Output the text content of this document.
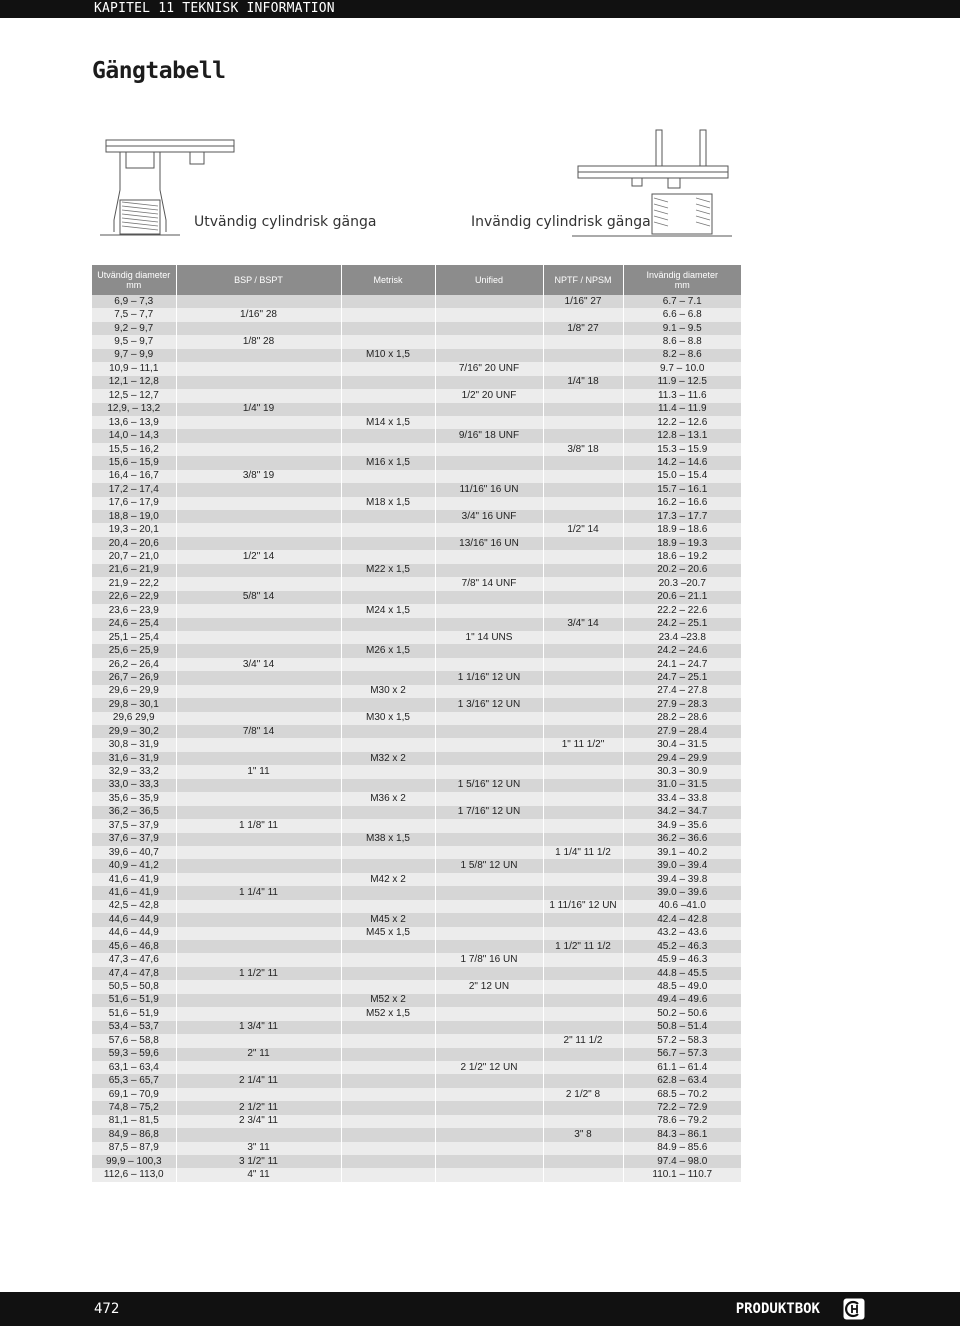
KAPITEL 11 TEKNISK INFORMATION
Gängtabell
Utvändig cylindrisk gänga	Invändig cylindrisk gänga
Utvändig diameter
mm	BSP / BSPT	Metrisk	Unified	NPTF / NPSM	Invändig diameter
mm
6,9 – 7,3				1/16" 27	6.7 – 7.1
7,5 – 7,7	1/16" 28				6.6 – 6.8
9,2 – 9,7				1/8" 27	9.1 – 9.5
9,5 – 9,7	1/8" 28				8.6 – 8.8
9,7 – 9,9		M10 x 1,5			8.2 – 8.6
10,9 – 11,1			7/16" 20 UNF		9.7 – 10.0
12,1 – 12,8				1/4" 18	11.9 – 12.5
12,5 – 12,7			1/2" 20 UNF		11.3 – 11.6
12,9, – 13,2	1/4" 19				11.4 – 11.9
13,6 – 13,9		M14 x 1,5			12.2 – 12.6
14,0 – 14,3			9/16" 18 UNF		12.8 – 13.1
15,5 – 16,2				3/8" 18	15.3 – 15.9
15,6 – 15,9		M16 x 1,5			14.2 – 14.6
16,4 – 16,7	3/8" 19				15.0 – 15.4
17,2 – 17,4			11/16" 16 UN		15.7 – 16.1
17,6 – 17,9		M18 x 1,5			16.2 – 16.6
18,8 – 19,0			3/4" 16 UNF		17.3 – 17.7
19,3 – 20,1				1/2" 14	18.9 – 18.6
20,4 – 20,6			13/16" 16 UN		18.9 – 19.3
20,7 – 21,0	1/2" 14				18.6 – 19.2
21,6 – 21,9		M22 x 1,5			20.2 – 20.6
21,9 – 22,2			7/8" 14 UNF		20.3 –20.7
22,6 – 22,9	5/8" 14				20.6 – 21.1
23,6 – 23,9		M24 x 1,5			22.2 – 22.6
24,6 – 25,4				3/4" 14	24.2 – 25.1
25,1 – 25,4			1" 14 UNS		23.4 –23.8
25,6 – 25,9		M26 x 1,5			24.2 – 24.6
26,2 – 26,4	3/4" 14				24.1 – 24.7
26,7 – 26,9			1 1/16" 12 UN		24.7 – 25.1
29,6 – 29,9		M30 x 2			27.4 – 27.8
29,8 – 30,1			1 3/16" 12 UN		27.9 – 28.3
29,6 29,9		M30 x 1,5			28.2 – 28.6
29,9 – 30,2	7/8" 14				27.9 – 28.4
30,8 – 31,9				1" 11 1/2"	30.4 – 31.5
31,6 – 31,9		M32 x 2			29.4 – 29.9
32,9 – 33,2	1" 11				30.3 – 30.9
33,0 – 33,3			1 5/16" 12 UN		31.0 – 31.5
35,6 – 35,9		M36 x 2			33.4 – 33.8
36,2 – 36,5			1 7/16" 12 UN		34.2 – 34.7
37,5 – 37,9	1 1/8" 11				34.9 – 35.6
37,6 – 37,9		M38 x 1,5			36.2 – 36.6
39,6 – 40,7				1 1/4" 11 1/2	39.1 – 40.2
40,9 – 41,2			1 5/8" 12 UN		39.0 – 39.4
41,6 – 41,9		M42 x 2			39.4 – 39.8
41,6 – 41,9	1 1/4" 11				39.0 – 39.6
42,5 – 42,8				1 11/16" 12 UN	40.6 –41.0
44,6 – 44,9		M45 x 2			42.4 – 42.8
44,6 – 44,9		M45 x 1,5			43.2 – 43.6
45,6 – 46,8				1 1/2" 11 1/2	45.2 – 46.3
47,3 – 47,6			1 7/8" 16 UN		45.9 – 46.3
47,4 – 47,8	1 1/2" 11				44.8 – 45.5
50,5 – 50,8			2" 12 UN		48.5 – 49.0
51,6 – 51,9		M52 x 2			49.4 – 49.6
51,6 – 51,9		M52 x 1,5			50.2 – 50.6
53,4 – 53,7	1 3/4" 11				50.8 – 51.4
57,6 – 58,8				2" 11 1/2	57.2 – 58.3
59,3 – 59,6	2" 11				56.7 – 57.3
63,1 – 63,4			2 1/2" 12 UN		61.1 – 61.4
65,3 – 65,7	2 1/4" 11				62.8 – 63.4
69,1 – 70,9				2 1/2" 8	68.5 – 70.2
74,8 – 75,2	2 1/2" 11				72.2 – 72.9
81,1 – 81,5	2 3/4" 11				78.6 – 79.2
84,9 – 86,8				3" 8	84.3 – 86.1
87,5 – 87,9	3" 11				84.9 – 85.6
99,9 – 100,3	3 1/2" 11				97.4 – 98.0
112,6 – 113,0	4" 11				110.1 – 110.7
472	PRODUKTBOK
